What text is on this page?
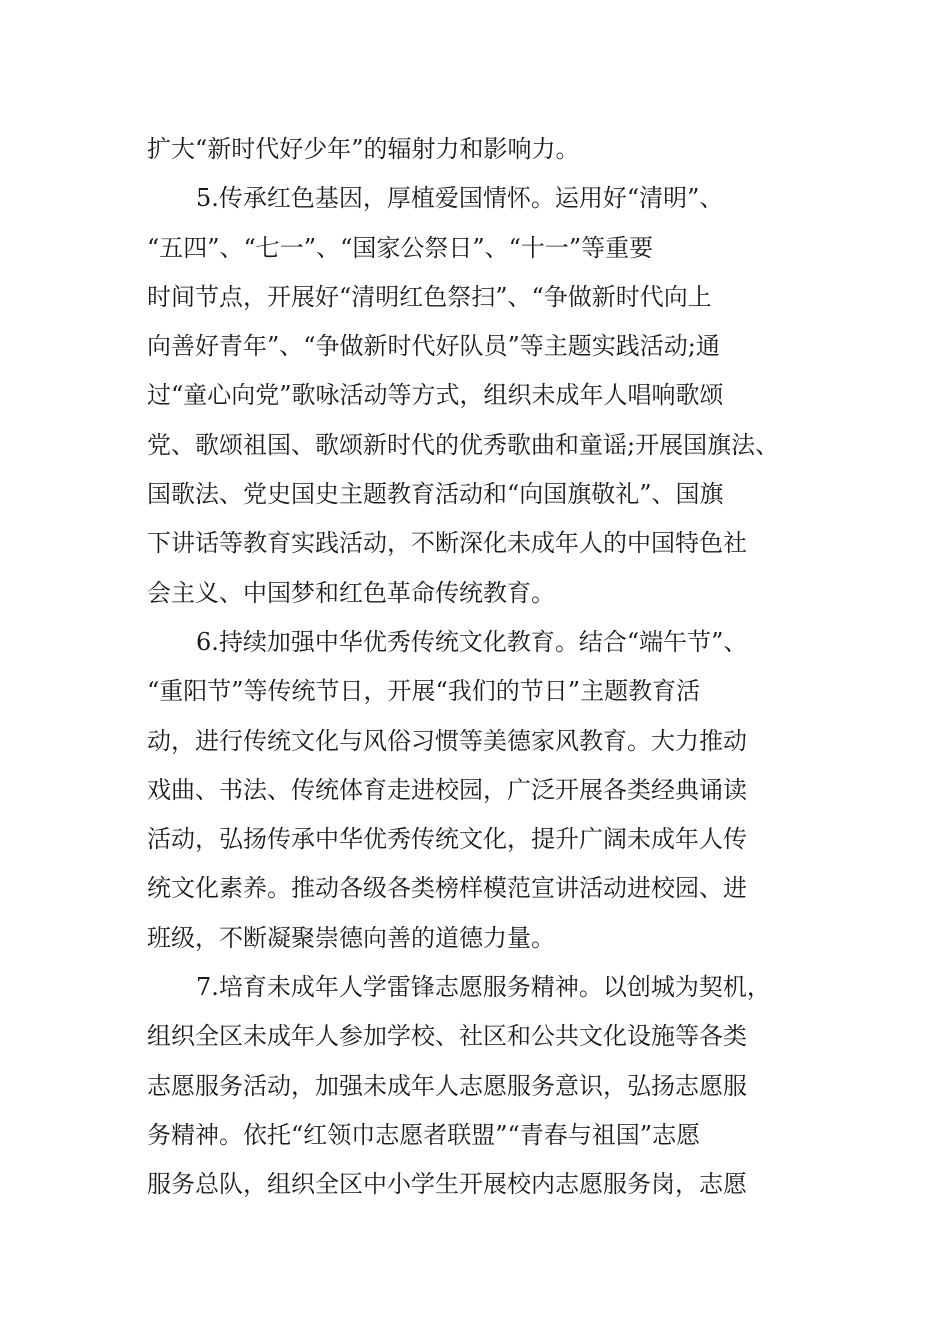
扩大“新时代好少年”的辐射力和影响力。
5.传承红色基因，厚植爱国情怀。运用好“清明”、
“五四”、“七一”、“国家公祭日”、“十一”等重要
时间节点，开展好“清明红色祭扫”、“争做新时代向上
向善好青年”、“争做新时代好队员”等主题实践活动;通
过“童心向党”歌咏活动等方式，组织未成年人唱响歌颂
党、歌颂祖国、歌颂新时代的优秀歌曲和童谣;开展国旗法、
国歌法、党史国史主题教育活动和“向国旗敬礼”、国旗
下讲话等教育实践活动，不断深化未成年人的中国特色社
会主义、中国梦和红色革命传统教育。
6.持续加强中华优秀传统文化教育。结合“端午节”、
“重阳节”等传统节日，开展“我们的节日”主题教育活
动，进行传统文化与风俗习惯等美德家风教育。大力推动
戏曲、书法、传统体育走进校园，广泛开展各类经典诵读
活动，弘扬传承中华优秀传统文化，提升广阔未成年人传
统文化素养。推动各级各类榜样模范宣讲活动进校园、进
班级，不断凝聚崇德向善的道德力量。
7.培育未成年人学雷锋志愿服务精神。以创城为契机，
组织全区未成年人参加学校、社区和公共文化设施等各类
志愿服务活动，加强未成年人志愿服务意识，弘扬志愿服
务精神。依托“红领巾志愿者联盟”“青春与祖国”志愿
服务总队，组织全区中小学生开展校内志愿服务岗，志愿
